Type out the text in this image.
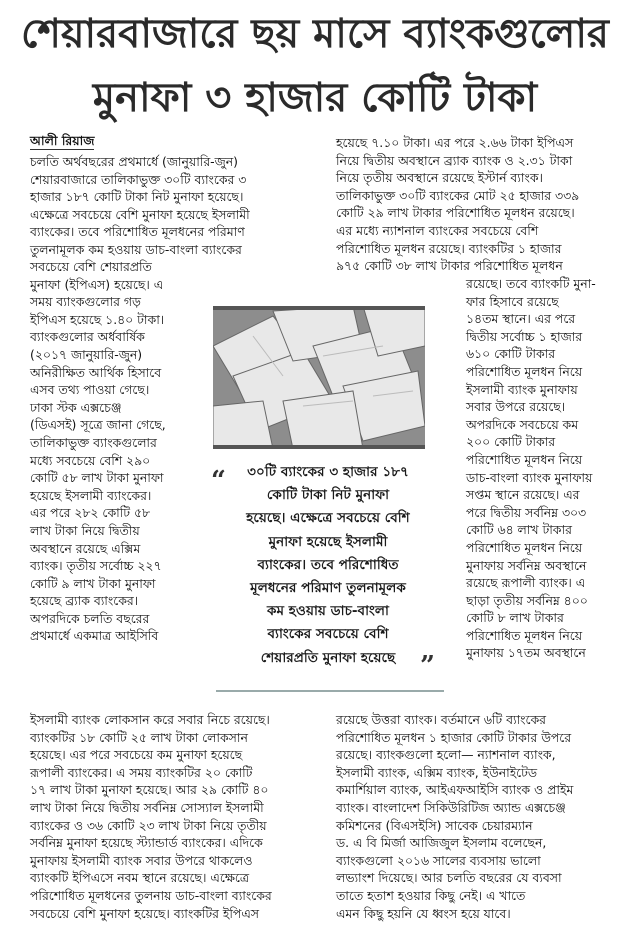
শেয়ারবাজারে ছয় মাসে ব্যাংকগুলোর
মুনাফা ৩ হাজার কোটি টাকা
আলী রিয়াজ
চলতি অর্থবছরের প্রথমার্ধে (জানুয়ারি-জুন)
শেয়ারবাজারে তালিকাভুক্ত ৩০টি ব্যাংকের ৩
হাজার ১৮৭ কোটি টাকা নিট মুনাফা হয়েছে।
এক্ষেত্রে সবচেয়ে বেশি মুনাফা হয়েছে ইসলামী
ব্যাংকের। তবে পরিশোধিত মূলধনের পরিমাণ
তুলনামূলক কম হওয়ায় ডাচ-বাংলা ব্যাংকের
সবচেয়ে বেশি শেয়ারপ্রতি
মুনাফা (ইপিএস) হয়েছে। এ
সময় ব্যাংকগুলোর গড়
ইপিএস হয়েছে ১.৪০ টাকা।
ব্যাংকগুলোর অর্ধবার্ষিক
(২০১৭ জানুয়ারি-জুন)
অনিরীক্ষিত আর্থিক হিসাবে
এসব তথ্য পাওয়া গেছে।
ঢাকা স্টক এক্সচেঞ্জ
(ডিএসই) সূত্রে জানা গেছে,
তালিকাভুক্ত ব্যাংকগুলোর
মধ্যে সবচেয়ে বেশি ২৯০
কোটি ৫৮ লাখ টাকা মুনাফা
হয়েছে ইসলামী ব্যাংকের।
এর পরে ২৮২ কোটি ৫৮
লাখ টাকা নিয়ে দ্বিতীয়
অবস্থানে রয়েছে এক্সিম
ব্যাংক। তৃতীয় সর্বোচ্চ ২২৭
কোটি ৯ লাখ টাকা মুনাফা
হয়েছে ব্র্যাক ব্যাংকের।
অপরদিকে চলতি বছরের
প্রথমার্ধে একমাত্র আইসিবি
ইসলামী ব্যাংক লোকসান করে সবার নিচে রয়েছে।
ব্যাংকটির ১৮ কোটি ২৫ লাখ টাকা লোকসান
হয়েছে। এর পরে সবচেয়ে কম মুনাফা হয়েছে
রূপালী ব্যাংকের। এ সময় ব্যাংকটির ২০ কোটি
১৭ লাখ টাকা মুনাফা হয়েছে। আর ২৯ কোটি ৪০
লাখ টাকা নিয়ে দ্বিতীয় সর্বনিম্ন সোস্যাল ইসলামী
ব্যাংকের ও ৩৬ কোটি ২৩ লাখ টাকা নিয়ে তৃতীয়
সর্বনিম্ন মুনাফা হয়েছে স্ট্যান্ডার্ড ব্যাংকের। এদিকে
মুনাফায় ইসলামী ব্যাংক সবার উপরে থাকলেও
ব্যাংকটি ইপিএসে নবম স্থানে রয়েছে। এক্ষেত্রে
পরিশোধিত মূলধনের তুলনায় ডাচ-বাংলা ব্যাংকের
সবচেয়ে বেশি মুনাফা হয়েছে। ব্যাংকটির ইপিএস
হয়েছে ৭.১০ টাকা। এর পরে ২.৬৬ টাকা ইপিএস
নিয়ে দ্বিতীয় অবস্থানে ব্র্যাক ব্যাংক ও ২.৩১ টাকা
নিয়ে তৃতীয় অবস্থানে রয়েছে ইস্টার্ন ব্যাংক।
তালিকাভুক্ত ৩০টি ব্যাংকের মোট ২৫ হাজার ৩৩৯
কোটি ২৯ লাখ টাকার পরিশোধিত মূলধন রয়েছে।
এর মধ্যে ন্যাশনাল ব্যাংকের সবচেয়ে বেশি
পরিশোধিত মূলধন রয়েছে। ব্যাংকটির ১ হাজার
৯৭৫ কোটি ৩৮ লাখ টাকার পরিশোধিত মূলধন
রয়েছে। তবে ব্যাংকটি মুনা-
ফার হিসাবে রয়েছে
১৪তম স্থানে। এর পরে
দ্বিতীয় সর্বোচ্চ ১ হাজার
৬১০ কোটি টাকার
পরিশোধিত মূলধন নিয়ে
ইসলামী ব্যাংক মুনাফায়
সবার উপরে রয়েছে।
অপরদিকে সবচেয়ে কম
২০০ কোটি টাকার
পরিশোধিত মূলধন নিয়ে
ডাচ-বাংলা ব্যাংক মুনাফায়
সপ্তম স্থানে রয়েছে। এর
পরে দ্বিতীয় সর্বনিম্ন ৩০৩
কোটি ৬৪ লাখ টাকার
পরিশোধিত মূলধন নিয়ে
মুনাফায় সর্বনিম্ন অবস্থানে
রয়েছে রূপালী ব্যাংক। এ
ছাড়া তৃতীয় সর্বনিম্ন ৪০০
কোটি ৮ লাখ টাকার
পরিশোধিত মূলধন নিয়ে
মুনাফায় ১৭তম অবস্থানে
রয়েছে উত্তরা ব্যাংক। বর্তমানে ৬টি ব্যাংকের
পরিশোধিত মূলধন ১ হাজার কোটি টাকার উপরে
রয়েছে। ব্যাংকগুলো হলো— ন্যাশনাল ব্যাংক,
ইসলামী ব্যাংক, এক্সিম ব্যাংক, ইউনাইটেড
কমার্শিয়াল ব্যাংক, আইএফআইসি ব্যাংক ও প্রাইম
ব্যাংক। বাংলাদেশ সিকিউরিটিজ অ্যান্ড এক্সচেঞ্জ
কমিশনের (বিএসইসি) সাবেক চেয়ারম্যান
ড. এ বি মির্জা আজিজুল ইসলাম বলেছেন,
ব্যাংকগুলো ২০১৬ সালের ব্যবসায় ভালো
লভ্যাংশ দিয়েছে। আর চলতি বছরের যে ব্যবসা
তাতে হতাশ হওয়ার কিছু নেই। এ খাতে
এমন কিছু হয়নি যে ধ্বংস হয়ে যাবে।
“	৩০টি ব্যাংকের ৩ হাজার ১৮৭
কোটি টাকা নিট মুনাফা
হয়েছে। এক্ষেত্রে সবচেয়ে বেশি
মুনাফা হয়েছে ইসলামী
ব্যাংকের। তবে পরিশোধিত
মূলধনের পরিমাণ তুলনামূলক
কম হওয়ায় ডাচ-বাংলা
ব্যাংকের সবচেয়ে বেশি
শেয়ারপ্রতি মুনাফা হয়েছে ”
